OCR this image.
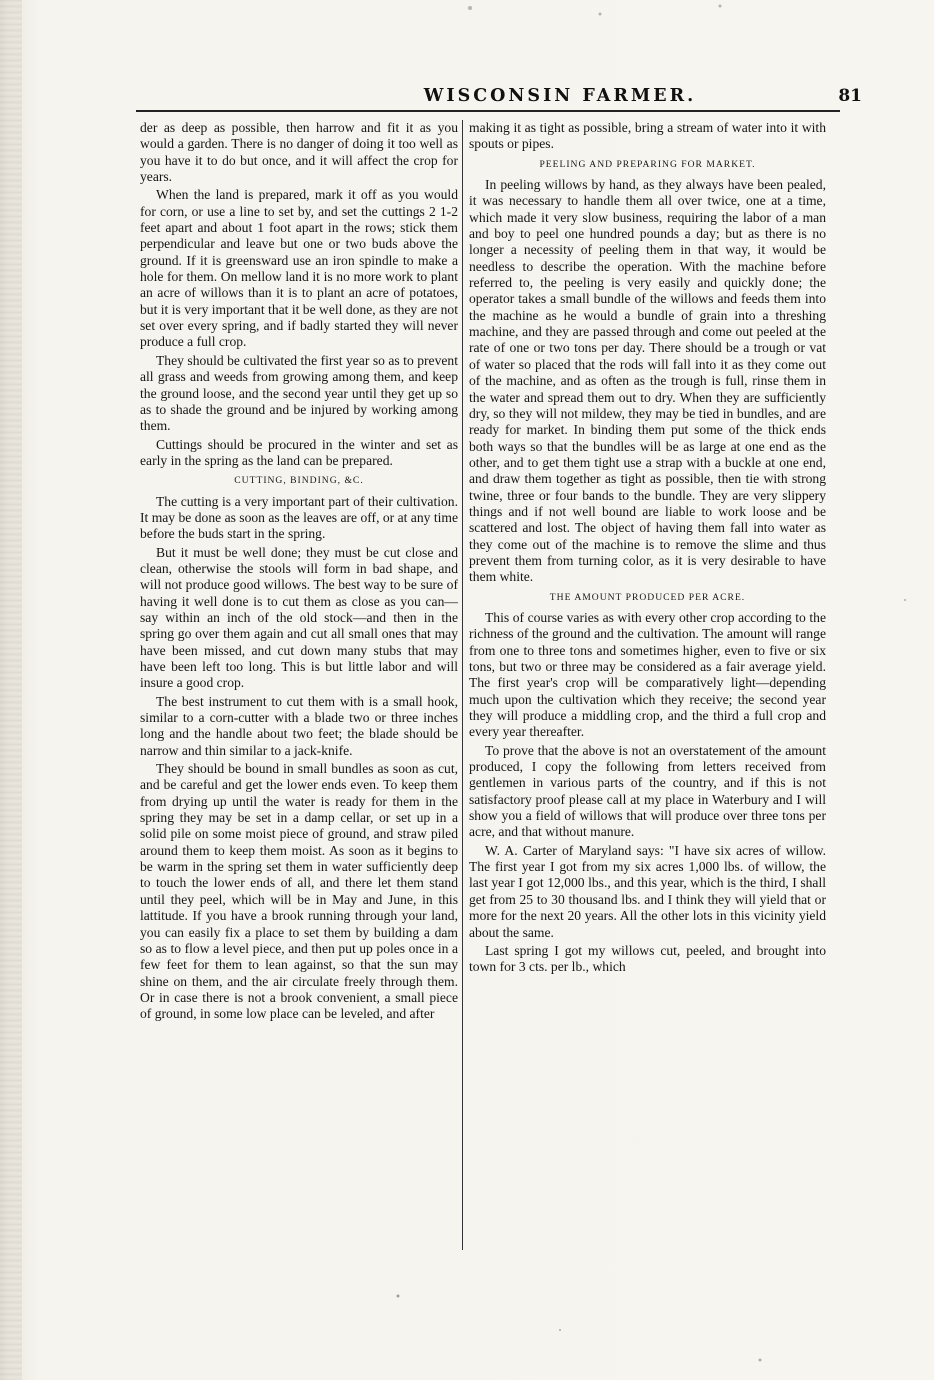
WISCONSIN FARMER.	81

der as deep as possible, then harrow and fit it as you would a garden. There is no danger of doing it too well as you have it to do but once, and it will affect the crop for years.

When the land is prepared, mark it off as you would for corn, or use a line to set by, and set the cuttings 2 1-2 feet apart and about 1 foot apart in the rows; stick them perpendicular and leave but one or two buds above the ground. If it is greensward use an iron spindle to make a hole for them. On mellow land it is no more work to plant an acre of willows than it is to plant an acre of potatoes, but it is very important that it be well done, as they are not set over every spring, and if badly started they will never produce a full crop.

They should be cultivated the first year so as to prevent all grass and weeds from growing among them, and keep the ground loose, and the second year until they get up so as to shade the ground and be injured by working among them.

Cuttings should be procured in the winter and set as early in the spring as the land can be prepared.

CUTTING, BINDING, &C.

The cutting is a very important part of their cultivation. It may be done as soon as the leaves are off, or at any time before the buds start in the spring.

But it must be well done; they must be cut close and clean, otherwise the stools will form in bad shape, and will not produce good willows. The best way to be sure of having it well done is to cut them as close as you can—say within an inch of the old stock—and then in the spring go over them again and cut all small ones that may have been missed, and cut down many stubs that may have been left too long. This is but little labor and will insure a good crop.

The best instrument to cut them with is a small hook, similar to a corn-cutter with a blade two or three inches long and the handle about two feet; the blade should be narrow and thin similar to a jack-knife.

They should be bound in small bundles as soon as cut, and be careful and get the lower ends even. To keep them from drying up until the water is ready for them in the spring they may be set in a damp cellar, or set up in a solid pile on some moist piece of ground, and straw piled around them to keep them moist. As soon as it begins to be warm in the spring set them in water sufficiently deep to touch the lower ends of all, and there let them stand until they peel, which will be in May and June, in this lattitude. If you have a brook running through your land, you can easily fix a place to set them by building a dam so as to flow a level piece, and then put up poles once in a few feet for them to lean against, so that the sun may shine on them, and the air circulate freely through them. Or in case there is not a brook convenient, a small piece of ground, in some low place can be leveled, and after

making it as tight as possible, bring a stream of water into it with spouts or pipes.

PEELING AND PREPARING FOR MARKET.

In peeling willows by hand, as they always have been pealed, it was necessary to handle them all over twice, one at a time, which made it very slow business, requiring the labor of a man and boy to peel one hundred pounds a day; but as there is no longer a necessity of peeling them in that way, it would be needless to describe the operation. With the machine before referred to, the peeling is very easily and quickly done; the operator takes a small bundle of the willows and feeds them into the machine as he would a bundle of grain into a threshing machine, and they are passed through and come out peeled at the rate of one or two tons per day. There should be a trough or vat of water so placed that the rods will fall into it as they come out of the machine, and as often as the trough is full, rinse them in the water and spread them out to dry. When they are sufficiently dry, so they will not mildew, they may be tied in bundles, and are ready for market. In binding them put some of the thick ends both ways so that the bundles will be as large at one end as the other, and to get them tight use a strap with a buckle at one end, and draw them together as tight as possible, then tie with strong twine, three or four bands to the bundle. They are very slippery things and if not well bound are liable to work loose and be scattered and lost. The object of having them fall into water as they come out of the machine is to remove the slime and thus prevent them from turning color, as it is very desirable to have them white.

THE AMOUNT PRODUCED PER ACRE.

This of course varies as with every other crop according to the richness of the ground and the cultivation. The amount will range from one to three tons and sometimes higher, even to five or six tons, but two or three may be considered as a fair average yield. The first year's crop will be comparatively light—depending much upon the cultivation which they receive; the second year they will produce a middling crop, and the third a full crop and every year thereafter.

To prove that the above is not an overstatement of the amount produced, I copy the following from letters received from gentlemen in various parts of the country, and if this is not satisfactory proof please call at my place in Waterbury and I will show you a field of willows that will produce over three tons per acre, and that without manure.

W. A. Carter of Maryland says: "I have six acres of willow. The first year I got from my six acres 1,000 lbs. of willow, the last year I got 12,000 lbs., and this year, which is the third, I shall get from 25 to 30 thousand lbs. and I think they will yield that or more for the next 20 years. All the other lots in this vicinity yield about the same.

Last spring I got my willows cut, peeled, and brought into town for 3 cts. per lb., which
